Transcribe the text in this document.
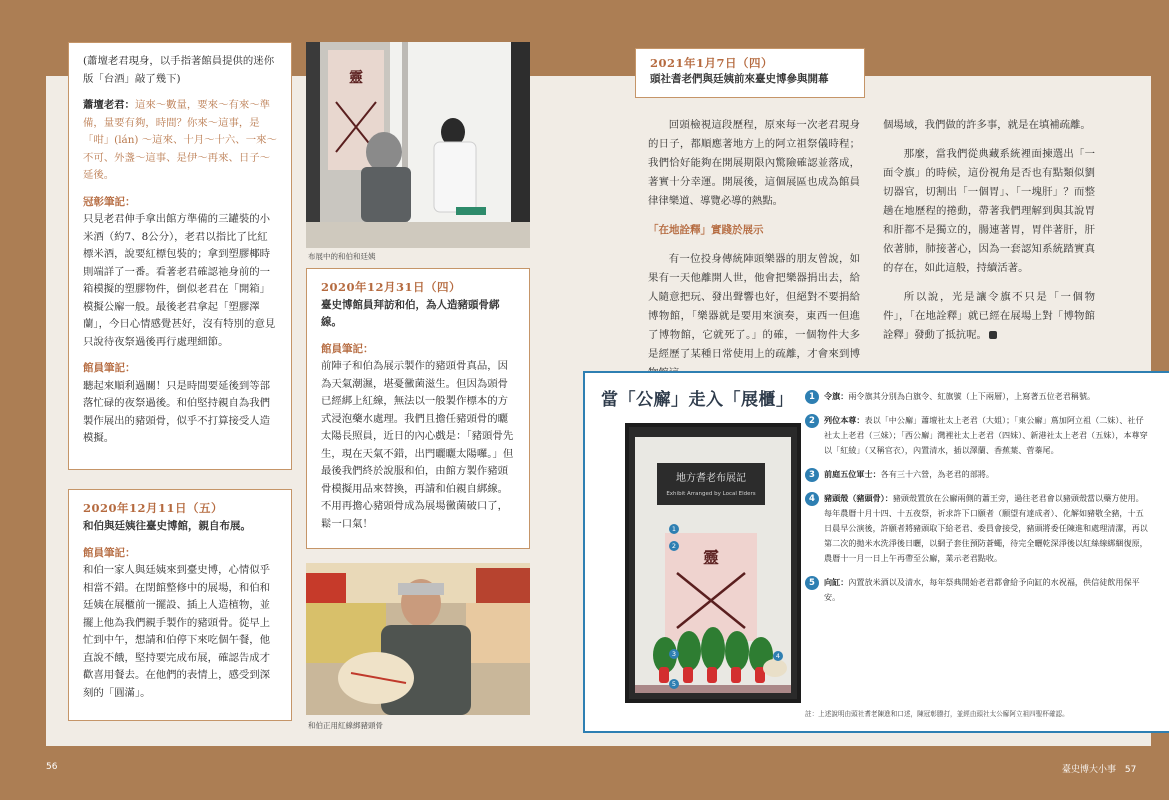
(蕭壇老君現身，以手指著館員提供的迷你版「台酒」敲了幾下)

蕭壇老君：這來～數量，要來～有來～準備，量要有夠，時間？你來～這事，是「咁」(lán) ～這來、十月～十六、一來～不可、外盞～這事、是伊～再來、日子～延後。

冠彰筆記：

只見老君伸手拿出館方準備的三罐裝的小米酒（約7、8公分），老君以指比了比紅標米酒，說要紅標包裝的；拿到塑膠椰時則端詳了一番。看著老君確認祂身前的一箱模擬的塑膠物件，倒似老君在「開箱」模擬公廨一般。最後老君拿起「塑膠澤蘭」，今日心情感覺甚好，沒有特別的意見只說待夜祭過後再行處理細節。

館員筆記：

聽起來順利過關！只是時間要延後到等部落忙碌的夜祭過後。和伯堅持親自為我們製作展出的豬頭骨，似乎不打算接受人造模擬。

2020年12月11日（五）
和伯與廷姨往臺史博館，親自布展。
館員筆記：

和伯一家人與廷姨來到臺史博，心情似乎相當不錯。在閉館整修中的展場，和伯和廷姨在展櫃前一擺設、插上人造植物，並擺上他為我們親手製作的豬頭骨。從早上忙到中午，想請和伯停下來吃個午餐，他直說不餓，堅持要完成布展，確認告成才歡喜用餐去。在他們的表情上，感受到深刻的「圓滿」。

靈
布展中的和伯和廷姨
2020年12月31日（四）
臺史博館員拜訪和伯，為人造豬頭骨綁線。
館員筆記：

前陣子和伯為展示製作的豬頭骨真品，因為天氣潮濕，堪憂黴菌滋生。但因為頭骨已經綁上紅線，無法以一般製作標本的方式浸泡藥水處理。我們且擔任豬頭骨的曬太陽長照員，近日的內心戲是：「豬頭骨先生，現在天氣不錯，出門曬曬太陽囉。」但最後我們終於說服和伯，由館方製作豬頭骨模擬用品來替換，再請和伯親自綁線。不用再擔心豬頭骨成為展場黴菌破口了，鬆一口氣！

和伯正用紅線綁豬頭骨
2021年1月7日（四）
頭社耆老們與廷姨前來臺史博參與開幕

回頭檢視這段歷程，原來每一次老君現身的日子，都順應著地方上的阿立祖祭儀時程；我們恰好能夠在開展期限內驚險確認並落成，著實十分幸運。開展後，這個展區也成為館員律律樂道、導覽必導的熱點。

「在地詮釋」實踐於展示

有一位投身傳統陣頭樂器的朋友曾說，如果有一天他離開人世，他會把樂器捐出去，給人隨意把玩、發出聲響也好，但絕對不要捐給博物館，「樂器就是要用來演奏，東西一但進了博物館，它就死了。」的確，一個物件大多是經歷了某種日常使用上的疏離，才會來到博

個場域，我們做的許多事，就是在填補疏離。

那麼，當我們從典藏系統裡面揀選出「一面令旗」的時候，這份視角是否也有點類似劉切器官，切割出「一個胃」、「一塊肝」？而整趟在地歷程的捲動，帶著我們理解到與其說胃和肝都不是獨立的，腸連著胃，胃伴著肝，肝依著肺，肺接著心，因為一套認知系統踏實真的存在，如此這般，持續活著。

所以說，光是讓令旗不只是「一個物件」，「在地詮釋」就已經在展場上對「博物館詮釋」發動了抵抗呢。

當「公廨」走入「展櫃」
地方耆老布展記
Exhibit Arranged by Local Elders
靈
1
2
3	4
5
1	令旗：兩令旗其分別為白旗令、紅旗號（上下兩層），上寫著五位老君稱號。
2	列位本尊：表以「中公廨」蕭壇社太上老君（大姐）；「東公廨」蔦加阿立祖（二妹）、社仔社太上老君（三妹）；「西公廨」灣裡社太上老君（四妹）、新港社太上老君（五妹），本尊穿以「紅綾」（又稱官衣），內置清水，插以澤蘭、香蕉葉、菅蓁尾。
3	前庭五位軍士：各有三十六營，為老君的部將。
4	豬頭殼（豬頭骨）：豬頭殼置放在公廨兩側的蕭王旁，過往老君會以豬頭殼當以藥方使用。每年農曆十月十四、十五夜祭，祈求許下口願者（願望有達成者）、化解如豬敬全豬，十五日晨早公演後，許願者將豬頭取下給老君、委員會接受，豬頭將委任陳進和處理清潔，再以第二次的拋米水洗淨後日曬，以網子套住預防蒼蠅，待完全曬乾深淨後以紅絲線綁綑復原，農曆十一月一日上午再帶至公廨，業示老君點收。
5	向缸：內置放米酒以及清水，每年祭典開始老君都會給予向缸的水祝福，供信徒飲用保平安。
註：上述說明由頭社耆老陳進和口述，陳冠彰謄打，並經由頭社太公廨阿立祖四聖杯確認。
56	臺史博大小事 57
